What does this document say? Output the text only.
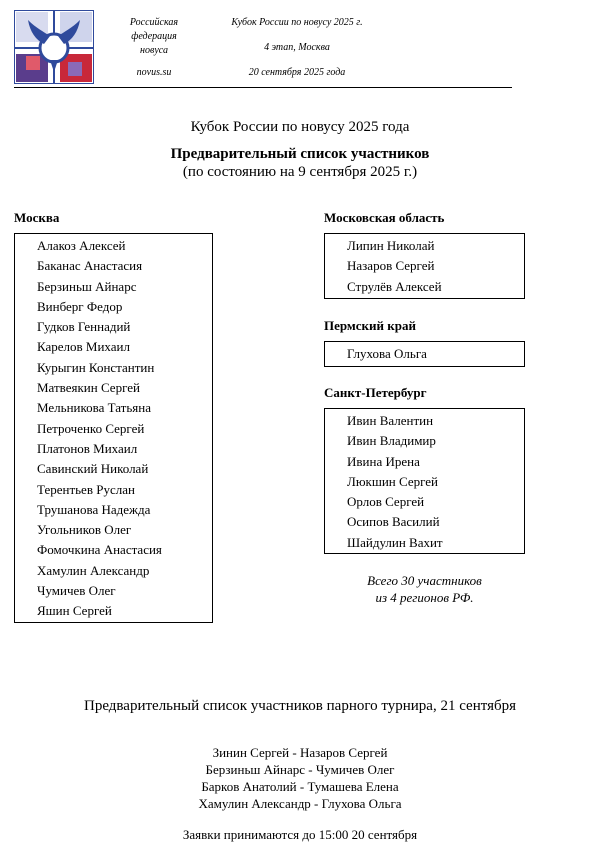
Российская
федерация
новуса
novus.su
Кубок России по новусу 2025 г.
4 этап, Москва
20 сентября 2025 года
Кубок России по новусу 2025 года
Предварительный список участников
(по состоянию на 9 сентября 2025 г.)
Москва
Алакоз Алексей
Баканас Анастасия
Берзиньш Айнарс
Винберг Федор
Гудков Геннадий
Карелов Михаил
Курыгин Константин
Матвеякин Сергей
Мельникова Татьяна
Петроченко Сергей
Платонов Михаил
Савинский Николай
Терентьев Руслан
Трушанова Надежда
Угольников Олег
Фомочкина Анастасия
Хамулин Александр
Чумичев Олег
Яшин Сергей
Московская область
Липин Николай
Назаров Сергей
Струлёв Алексей
Пермский край
Глухова Ольга
Санкт-Петербург
Ивин Валентин
Ивин Владимир
Ивина Ирена
Люкшин Сергей
Орлов Сергей
Осипов Василий
Шайдулин Вахит
Всего 30 участников
из 4 регионов РФ.
Предварительный список участников парного турнира, 21 сентября
Зинин Сергей - Назаров Сергей
Берзиньш Айнарс - Чумичев Олег
Барков Анатолий - Тумашева Елена
Хамулин Александр - Глухова Ольга
Заявки принимаются до 15:00 20 сентября
